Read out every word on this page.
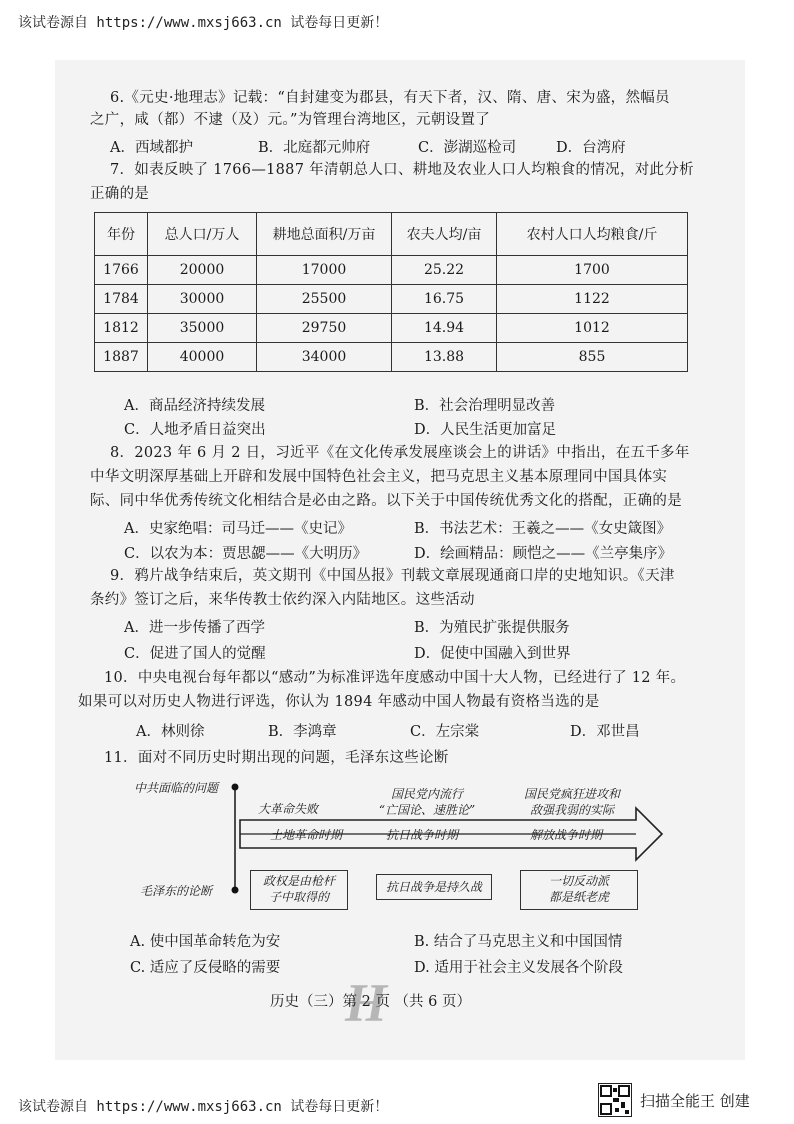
该试卷源自 https://www.mxsj663.cn 试卷每日更新！
6.《元史·地理志》记载：“自封建变为郡县，有天下者，汉、隋、唐、宋为盛，然幅员
之广，咸（都）不逮（及）元。”为管理台湾地区，元朝设置了
A．西域都护	B．北庭都元帅府	C．澎湖巡检司	D．台湾府
7．如表反映了 1766—1887 年清朝总人口、耕地及农业人口人均粮食的情况，对此分析
正确的是
年份	总人口/万人	耕地总面积/万亩	农夫人均/亩	农村人口人均粮食/斤
1766	20000	17000	25.22	1700
1784	30000	25500	16.75	1122
1812	35000	29750	14.94	1012
1887	40000	34000	13.88	855
A．商品经济持续发展	B．社会治理明显改善
C．人地矛盾日益突出	D．人民生活更加富足
8．2023 年 6 月 2 日，习近平《在文化传承发展座谈会上的讲话》中指出，在五千多年
中华文明深厚基础上开辟和发展中国特色社会主义，把马克思主义基本原理同中国具体实
际、同中华优秀传统文化相结合是必由之路。以下关于中国传统优秀文化的搭配，正确的是
A．史家绝唱：司马迁——《史记》	B．书法艺术：王羲之——《女史箴图》
C．以农为本：贾思勰——《大明历》	D．绘画精品：顾恺之——《兰亭集序》
9．鸦片战争结束后，英文期刊《中国丛报》刊载文章展现通商口岸的史地知识。《天津
条约》签订之后，来华传教士依约深入内陆地区。这些活动
A．进一步传播了西学	B．为殖民扩张提供服务
C．促进了国人的觉醒	D．促使中国融入到世界
10．中央电视台每年都以“感动”为标准评选年度感动中国十大人物，已经进行了 12 年。
如果可以对历史人物进行评选，你认为 1894 年感动中国人物最有资格当选的是
A．林则徐	B．李鸿章	C．左宗棠	D．邓世昌
11．面对不同历史时期出现的问题，毛泽东这些论断
中共面临的问题
毛泽东的论断
大革命失败
国民党内流行
“亡国论、速胜论”
国民党疯狂进攻和
敌强我弱的实际
土地革命时期	抗日战争时期	解放战争时期
政权是由枪杆
子中取得的
抗日战争是持久战	一切反动派
都是纸老虎
A. 使中国革命转危为安	B. 结合了马克思主义和中国国情
C. 适应了反侵略的需要	D. 适用于社会主义发展各个阶段
H
历史（三）第 2 页 （共 6 页）
该试卷源自 https://www.mxsj663.cn 试卷每日更新！	扫描全能王 创建
